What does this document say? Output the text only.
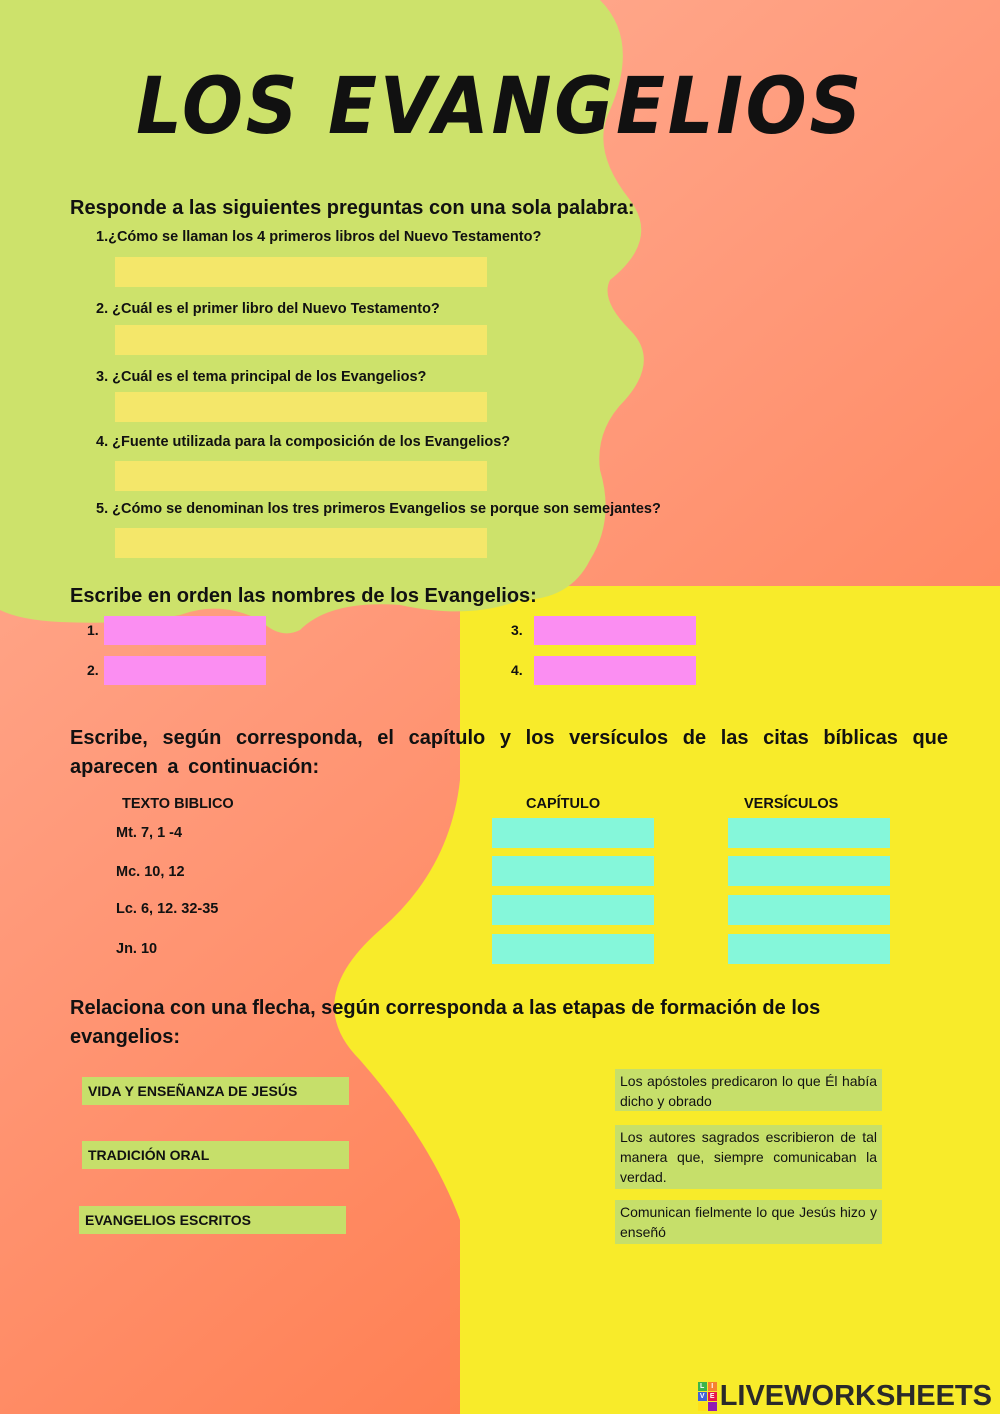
LOS EVANGELIOS
Responde a las siguientes preguntas con una sola palabra:
1.¿Cómo se llaman los 4 primeros libros del Nuevo Testamento?
2. ¿Cuál es el primer libro del Nuevo Testamento?
3. ¿Cuál es el tema principal de los Evangelios?
4. ¿Fuente utilizada para la composición de los Evangelios?
5. ¿Cómo se denominan los tres primeros Evangelios se porque son semejantes?
Escribe en orden las nombres de los Evangelios:
1.
2.
3.
4.
Escribe, según corresponda, el capítulo y los versículos de las citas bíblicas que aparecen a continuación:
TEXTO BIBLICO	CAPÍTULO	VERSÍCULOS
Mt. 7, 1 -4
Mc. 10, 12
Lc. 6, 12. 32-35
Jn. 10
Relaciona con una flecha, según corresponda a las etapas de formación de los evangelios:
VIDA Y ENSEÑANZA DE JESÚS
TRADICIÓN ORAL
EVANGELIOS ESCRITOS
Los apóstoles predicaron lo que Él había dicho y obrado
Los autores sagrados escribieron de tal manera que, siempre comunicaban la verdad.
Comunican fielmente lo que Jesús hizo y enseñó
L I
V E LIVEWORKSHEETS
